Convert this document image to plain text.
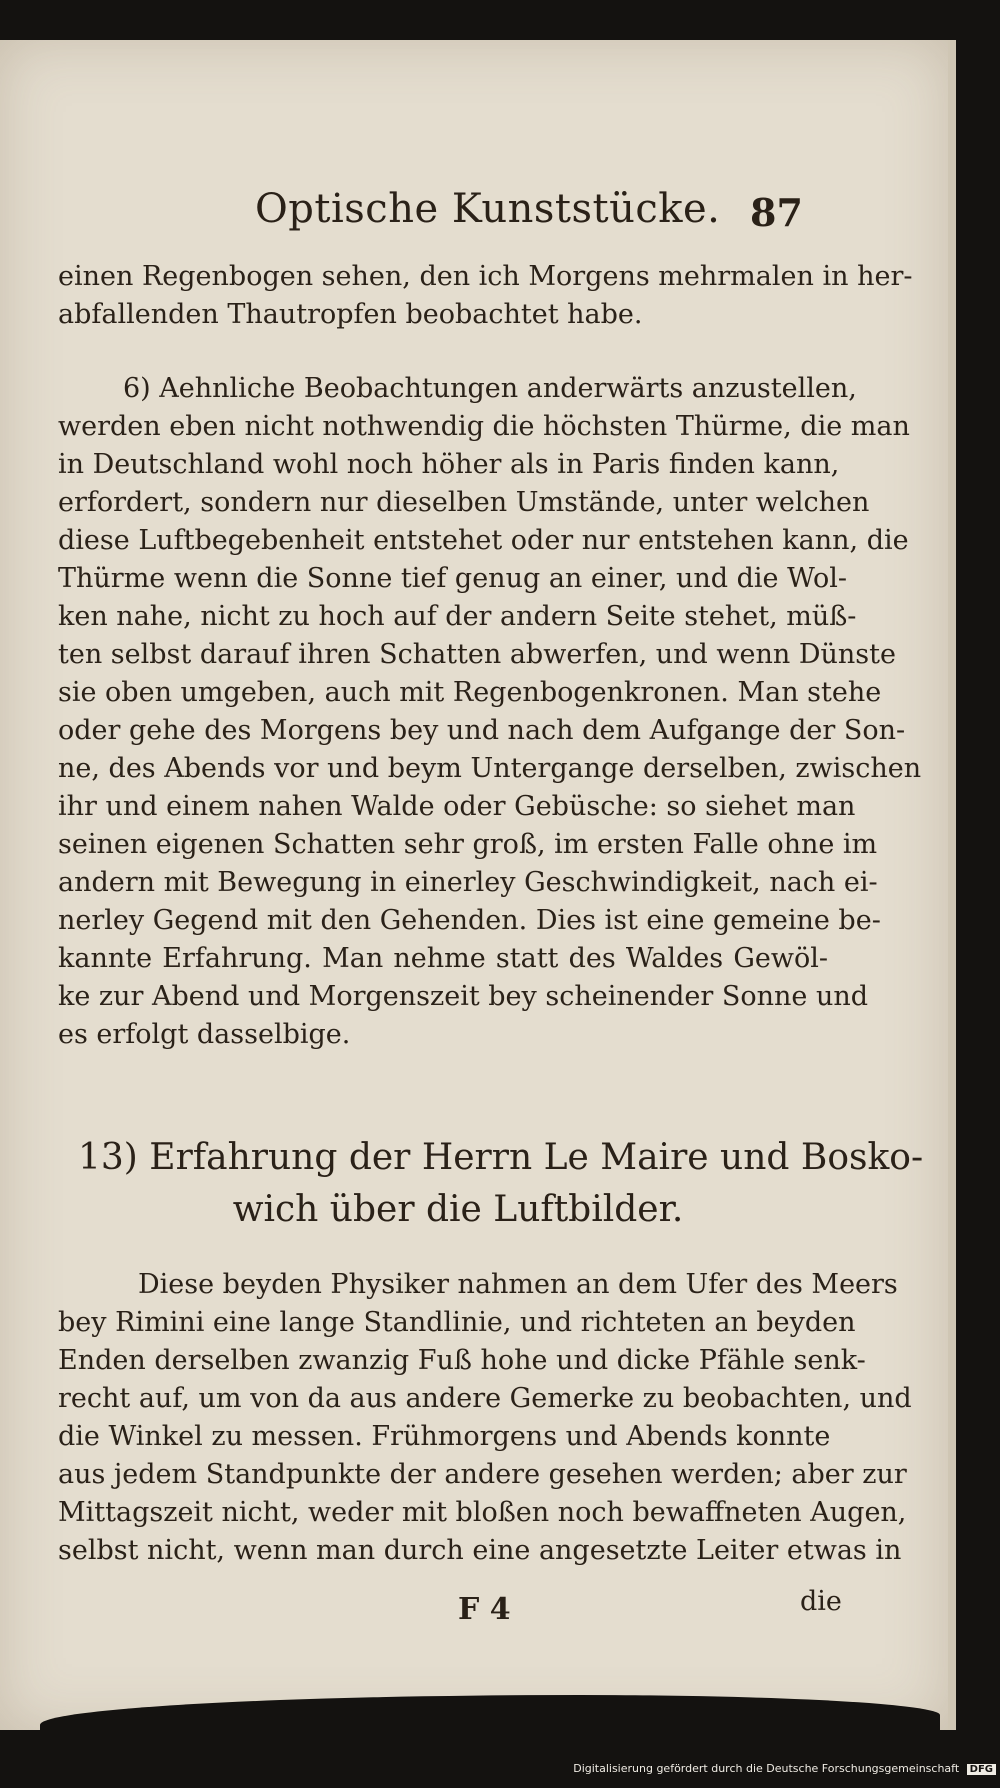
Optische Kunststücke. 87
einen Regenbogen sehen, den ich Morgens mehrmalen in her-
abfallenden Thautropfen beobachtet habe.
6) Aehnliche Beobachtungen anderwärts anzustellen,
werden eben nicht nothwendig die höchsten Thürme, die man
in Deutschland wohl noch höher als in Paris finden kann,
erfordert, sondern nur dieselben Umstände, unter welchen
diese Luftbegebenheit entstehet oder nur entstehen kann, die
Thürme wenn die Sonne tief genug an einer, und die Wol-
ken nahe, nicht zu hoch auf der andern Seite stehet, müß-
ten selbst darauf ihren Schatten abwerfen, und wenn Dünste
sie oben umgeben, auch mit Regenbogenkronen. Man stehe
oder gehe des Morgens bey und nach dem Aufgange der Son-
ne, des Abends vor und beym Untergange derselben, zwischen
ihr und einem nahen Walde oder Gebüsche: so siehet man
seinen eigenen Schatten sehr groß, im ersten Falle ohne im
andern mit Bewegung in einerley Geschwindigkeit, nach ei-
nerley Gegend mit den Gehenden. Dies ist eine gemeine be-
kannte Erfahrung. Man nehme statt des Waldes Gewöl-
ke zur Abend und Morgenszeit bey scheinender Sonne und
es erfolgt dasselbige.
13) Erfahrung der Herrn Le Maire und Bosko-
wich über die Luftbilder.
Diese beyden Physiker nahmen an dem Ufer des Meers
bey Rimini eine lange Standlinie, und richteten an beyden
Enden derselben zwanzig Fuß hohe und dicke Pfähle senk-
recht auf, um von da aus andere Gemerke zu beobachten, und
die Winkel zu messen. Frühmorgens und Abends konnte
aus jedem Standpunkte der andere gesehen werden; aber zur
Mittagszeit nicht, weder mit bloßen noch bewaffneten Augen,
selbst nicht, wenn man durch eine angesetzte Leiter etwas in
F 4	die
Digitalisierung gefördert durch die Deutsche Forschungsgemeinschaft DFG
